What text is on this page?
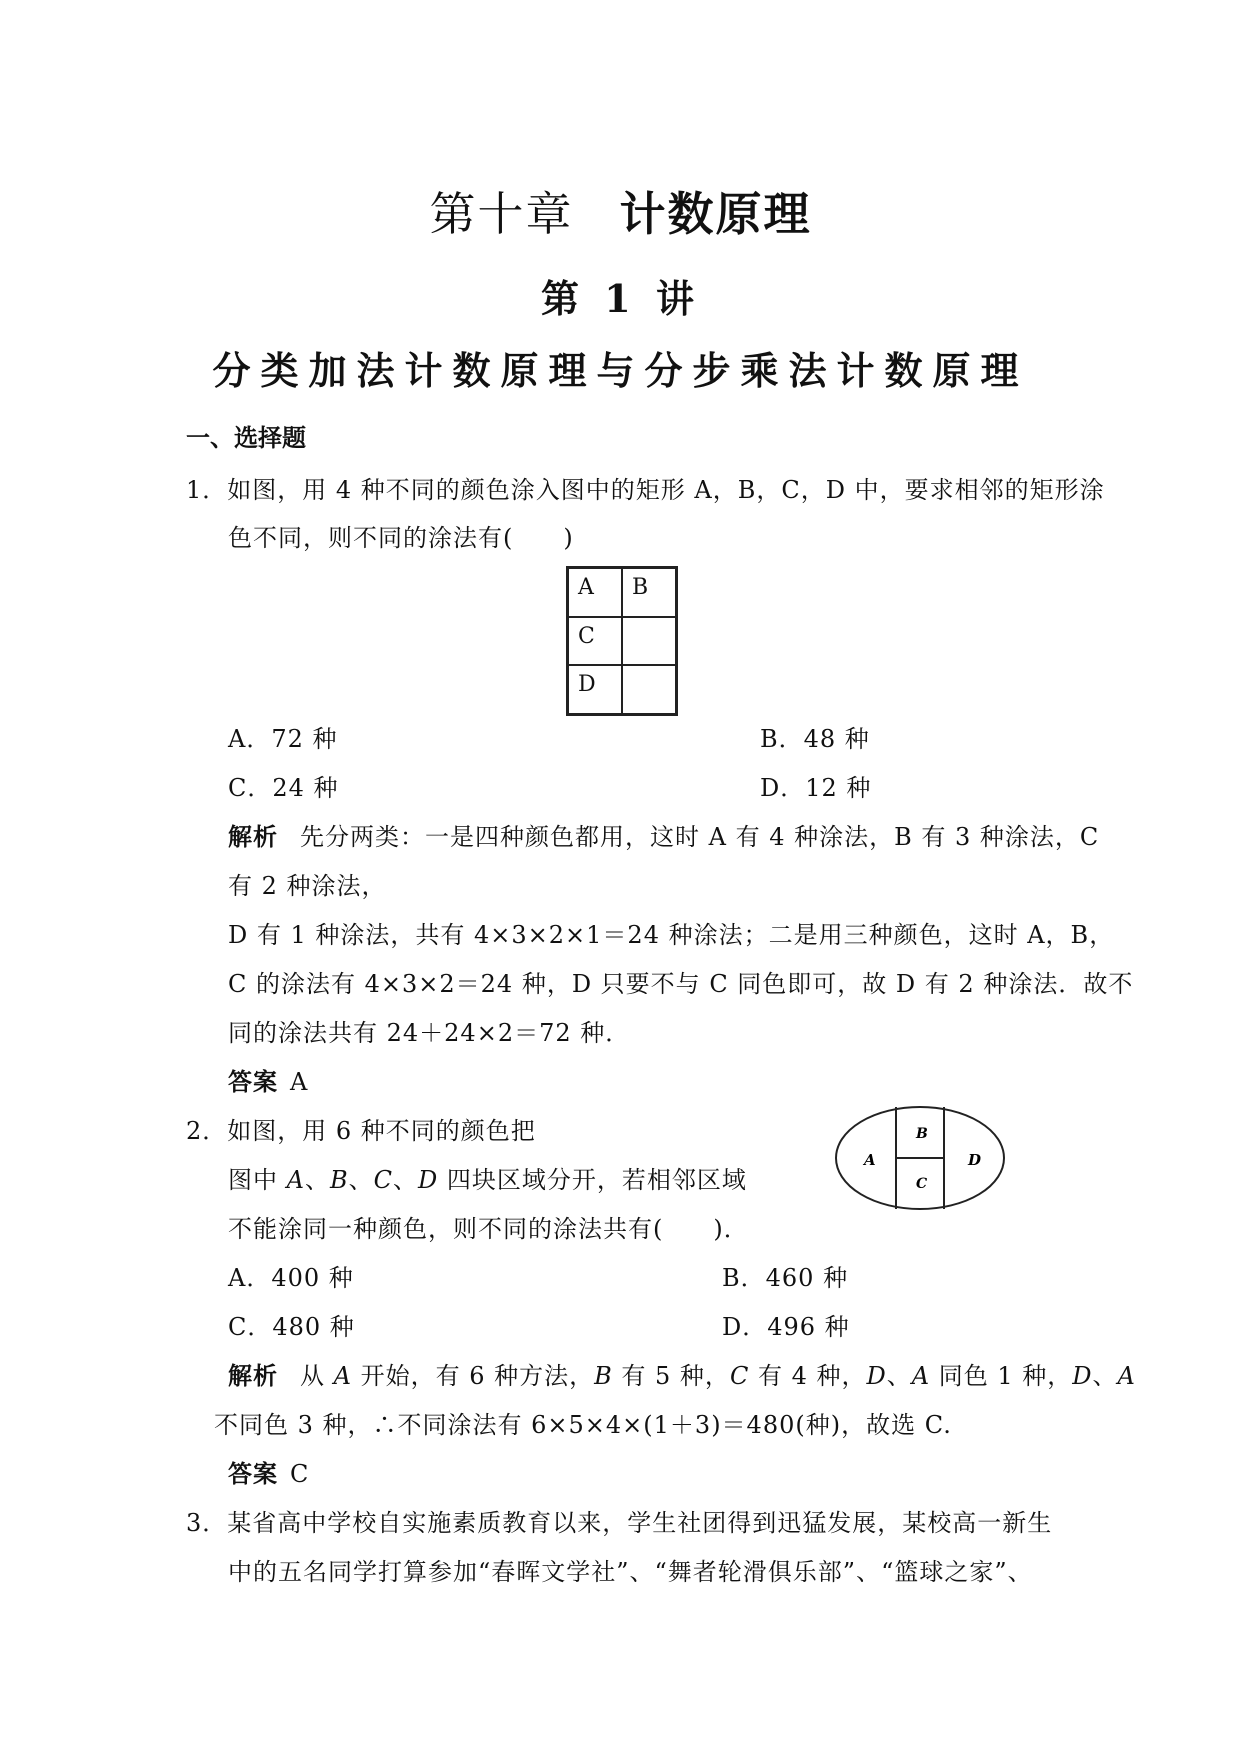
第十章 计数原理
第 1 讲
分类加法计数原理与分步乘法计数原理
一、选择题
1．如图，用 4 种不同的颜色涂入图中的矩形 A，B，C，D 中，要求相邻的矩形涂
色不同，则不同的涂法有(　　)
A B
C
D
A．72 种	B．48 种
C．24 种	D．12 种
解析 先分两类：一是四种颜色都用，这时 A 有 4 种涂法，B 有 3 种涂法，C
有 2 种涂法，
D 有 1 种涂法，共有 4×3×2×1＝24 种涂法；二是用三种颜色，这时 A，B，
C 的涂法有 4×3×2＝24 种，D 只要不与 C 同色即可，故 D 有 2 种涂法．故不
同的涂法共有 24＋24×2＝72 种．
答案 A
2．如图，用 6 种不同的颜色把
图中 A、B、C、D 四块区域分开，若相邻区域
不能涂同一种颜色，则不同的涂法共有(　　)．
A
B
C
D
A．400 种	B．460 种
C．480 种	D．496 种
解析 从 A 开始，有 6 种方法，B 有 5 种，C 有 4 种，D、A 同色 1 种，D、A
不同色 3 种，∴不同涂法有 6×5×4×(1＋3)＝480(种)，故选 C.
答案 C
3．某省高中学校自实施素质教育以来，学生社团得到迅猛发展，某校高一新生
中的五名同学打算参加“春晖文学社”、“舞者轮滑俱乐部”、“篮球之家”、
